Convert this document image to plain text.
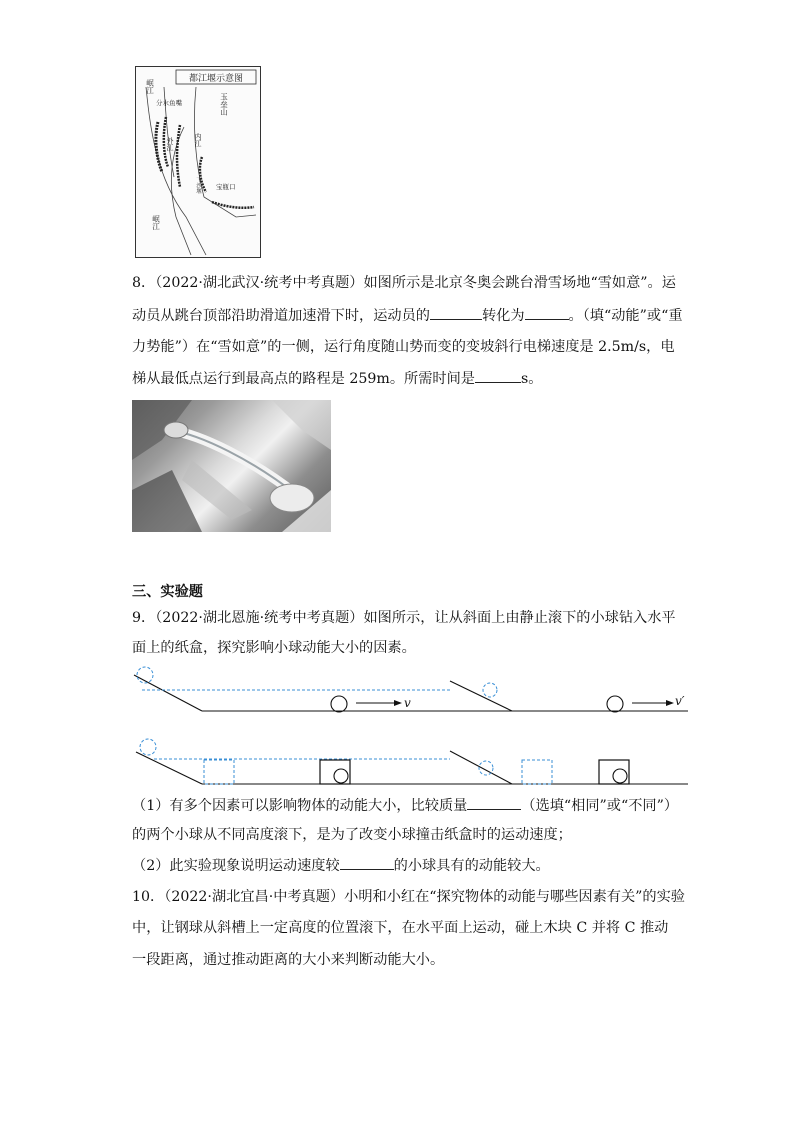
都江堰示意图
岷江
分水鱼嘴
外江	内江
飞沙堰
玉垒山
宝瓶口
岷江
8．（2022·湖北武汉·统考中考真题）如图所示是北京冬奥会跳台滑雪场地“雪如意”。运
动员从跳台顶部沿助滑道加速滑下时，运动员的	转化为	。（填“动能”或“重
力势能”）在“雪如意”的一侧，运行角度随山势而变的变坡斜行电梯速度是 2.5m/s，电
梯从最低点运行到最高点的路程是 259m。所需时间是	s。
三、实验题
9．（2022·湖北恩施·统考中考真题）如图所示，让从斜面上由静止滚下的小球钻入水平
面上的纸盒，探究影响小球动能大小的因素。
v	v′
（1）有多个因素可以影响物体的动能大小，比较质量	（选填“相同”或“不同”）
的两个小球从不同高度滚下，是为了改变小球撞击纸盒时的运动速度；
（2）此实验现象说明运动速度较	的小球具有的动能较大。
10．（2022·湖北宜昌·中考真题）小明和小红在“探究物体的动能与哪些因素有关”的实验
中，让钢球从斜槽上一定高度的位置滚下，在水平面上运动，碰上木块 C 并将 C 推动
一段距离，通过推动距离的大小来判断动能大小。
